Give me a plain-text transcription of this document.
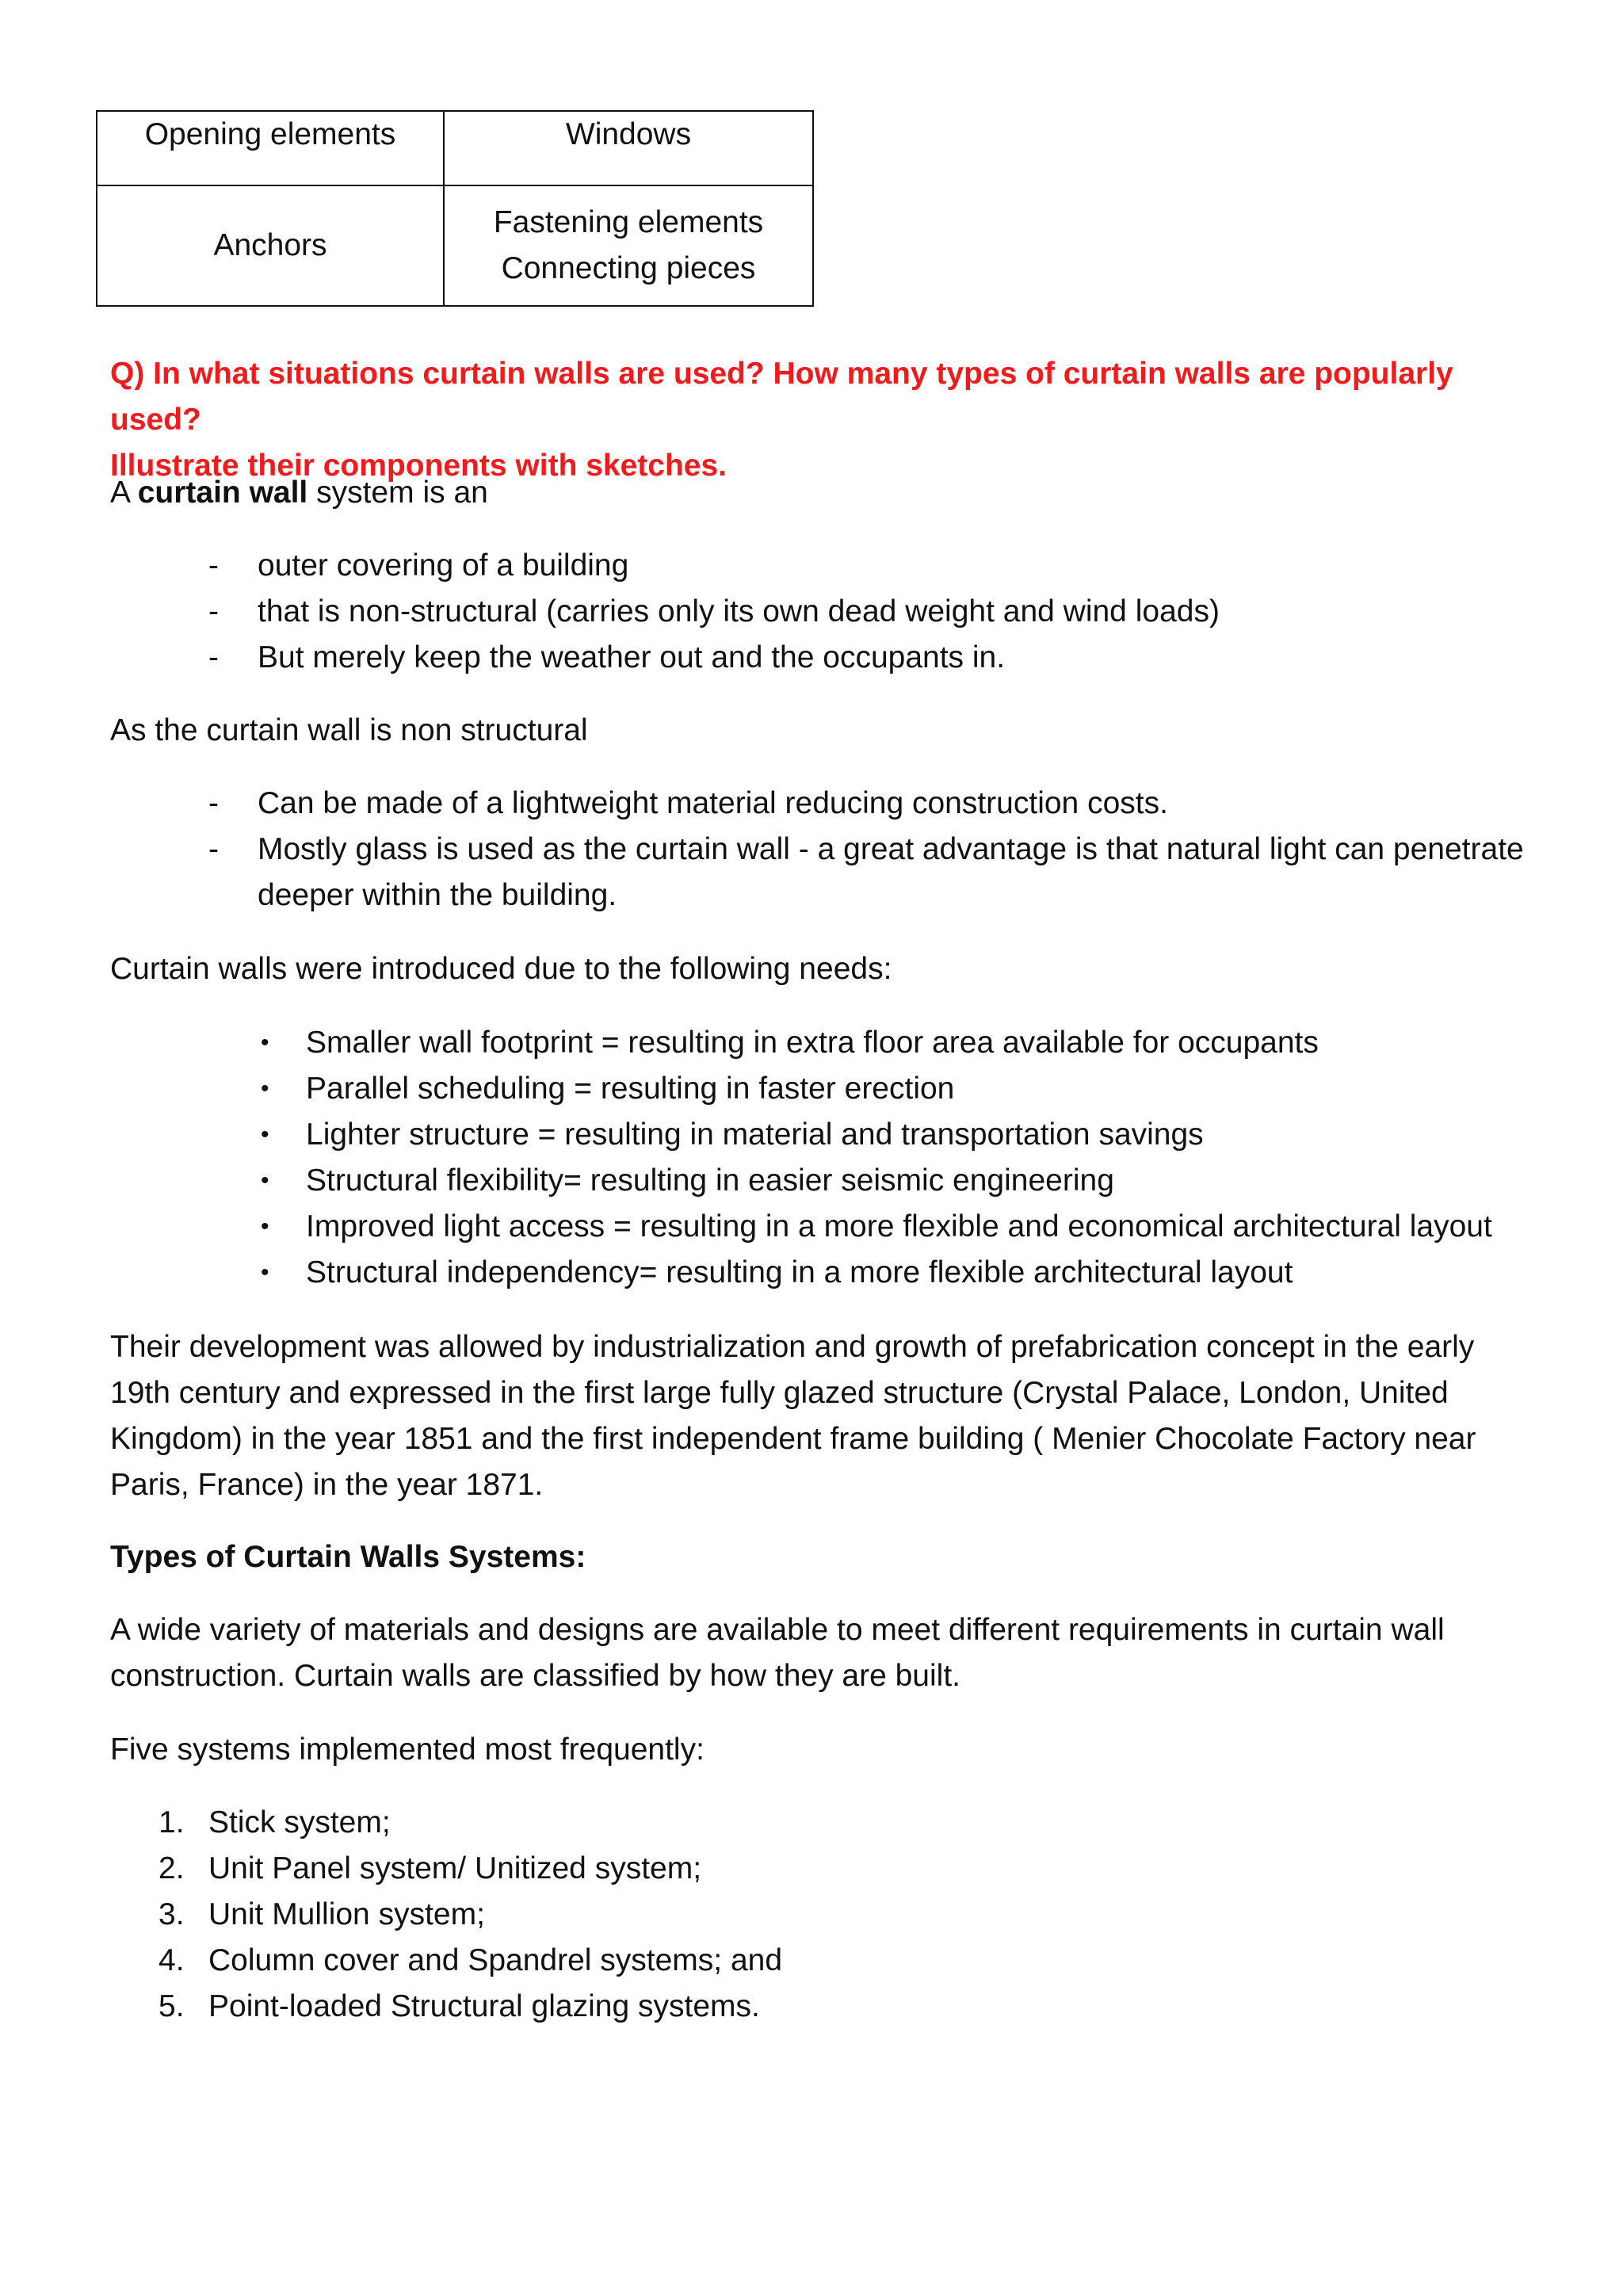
Opening elements	Windows

Anchors	Fastening elements
Connecting pieces
Q) In what situations curtain walls are used? How many types of curtain walls are popularly used?
Illustrate their components with sketches.
A curtain wall system is an
- outer covering of a building
- that is non-structural (carries only its own dead weight and wind loads)
- But merely keep the weather out and the occupants in.
As the curtain wall is non structural
- Can be made of a lightweight material reducing construction costs.
- Mostly glass is used as the curtain wall - a great advantage is that natural light can penetrate deeper within the building.
Curtain walls were introduced due to the following needs:
• Smaller wall footprint = resulting in extra floor area available for occupants
• Parallel scheduling = resulting in faster erection
• Lighter structure = resulting in material and transportation savings
• Structural flexibility= resulting in easier seismic engineering
• Improved light access = resulting in a more flexible and economical architectural layout
• Structural independency= resulting in a more flexible architectural layout
Their development was allowed by industrialization and growth of prefabrication concept in the early 19th century and expressed in the first large fully glazed structure (Crystal Palace, London, United Kingdom) in the year 1851 and the first independent frame building ( Menier Chocolate Factory near Paris, France) in the year 1871.
Types of Curtain Walls Systems:
A wide variety of materials and designs are available to meet different requirements in curtain wall construction. Curtain walls are classified by how they are built.
Five systems implemented most frequently:
1. Stick system;
2. Unit Panel system/ Unitized system;
3. Unit Mullion system;
4. Column cover and Spandrel systems; and
5. Point-loaded Structural glazing systems.
